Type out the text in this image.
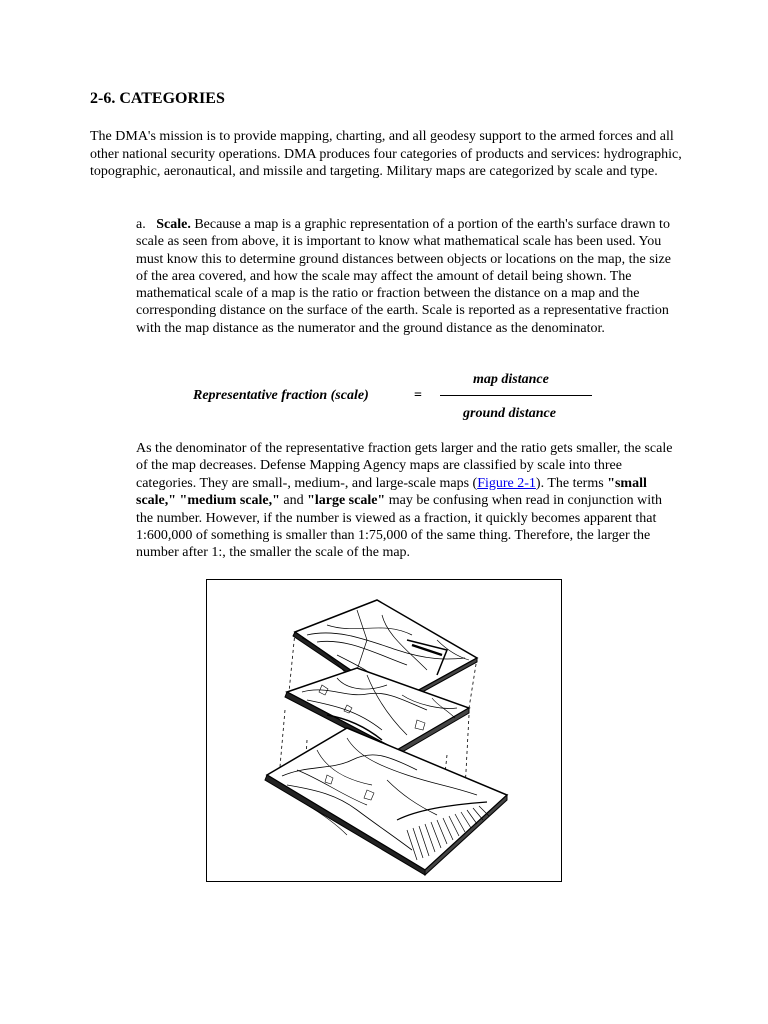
2-6. CATEGORIES

The DMA's mission is to provide mapping, charting, and all geodesy support to the armed forces and all other national security operations. DMA produces four categories of products and services: hydrographic, topographic, aeronautical, and missile and targeting. Military maps are categorized by scale and type.

a. Scale. Because a map is a graphic representation of a portion of the earth's surface drawn to scale as seen from above, it is important to know what mathematical scale has been used. You must know this to determine ground distances between objects or locations on the map, the size of the area covered, and how the scale may affect the amount of detail being shown. The mathematical scale of a map is the ratio or fraction between the distance on a map and the corresponding distance on the surface of the earth. Scale is reported as a representative fraction with the map distance as the numerator and the ground distance as the denominator.

Representative fraction (scale)	=
map distance
ground distance

As the denominator of the representative fraction gets larger and the ratio gets smaller, the scale of the map decreases. Defense Mapping Agency maps are classified by scale into three categories. They are small-, medium-, and large-scale maps (Figure 2-1). The terms "small scale," "medium scale," and "large scale" may be confusing when read in conjunction with the number. However, if the number is viewed as a fraction, it quickly becomes apparent that 1:600,000 of something is smaller than 1:75,000 of the same thing. Therefore, the larger the number after 1:, the smaller the scale of the map.
